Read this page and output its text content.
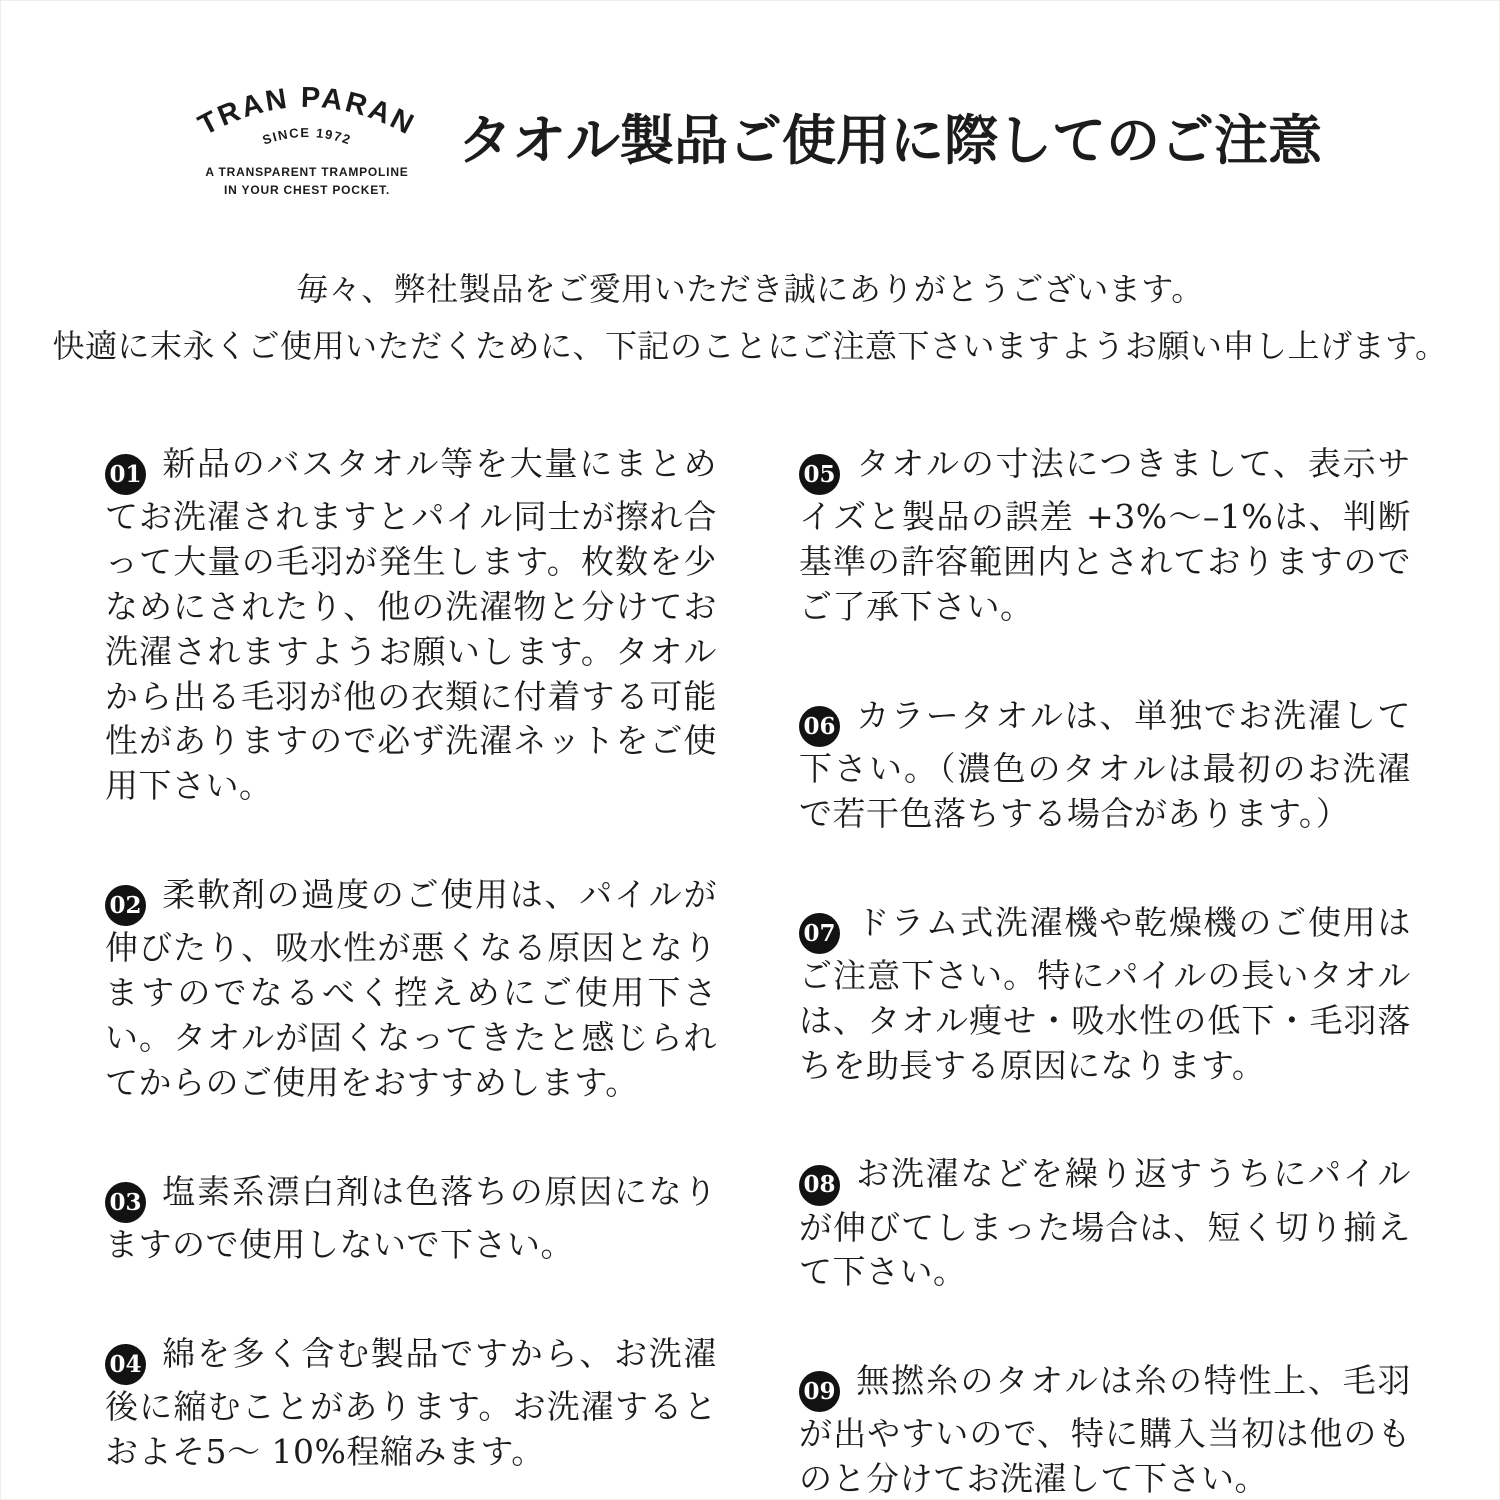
TRAN PARAN
SINCE 1972
A TRANSPARENT TRAMPOLINE
IN YOUR CHEST POCKET.
タオル製品ご使用に際してのご注意
毎々、弊社製品をご愛用いただき誠にありがとうございます。
快適に末永くご使用いただくために、下記のことにご注意下さいますようお願い申し上げます。

01 新品のバスタオル等を大量にまとめてお洗濯されますとパイル同士が擦れ合って大量の毛羽が発生します。枚数を少なめにされたり、他の洗濯物と分けてお洗濯されますようお願いします。タオルから出る毛羽が他の衣類に付着する可能性がありますので必ず洗濯ネットをご使用下さい。

02 柔軟剤の過度のご使用は、パイルが伸びたり、吸水性が悪くなる原因となりますのでなるべく控えめにご使用下さい。タオルが固くなってきたと感じられてからのご使用をおすすめします。

03 塩素系漂白剤は色落ちの原因になりますので使用しないで下さい。

04 綿を多く含む製品ですから、お洗濯後に縮むことがあります。お洗濯するとおよそ5～ 10%程縮みます。

05 タオルの寸法につきまして、表示サイズと製品の誤差 +3%～–1%は、判断基準の許容範囲内とされておりますのでご了承下さい。

06 カラータオルは、単独でお洗濯して下さい。（濃色のタオルは最初のお洗濯で若干色落ちする場合があります。）

07 ドラム式洗濯機や乾燥機のご使用はご注意下さい。特にパイルの長いタオルは、タオル痩せ・吸水性の低下・毛羽落ちを助長する原因になります。

08 お洗濯などを繰り返すうちにパイルが伸びてしまった場合は、短く切り揃えて下さい。

09 無撚糸のタオルは糸の特性上、毛羽が出やすいので、特に購入当初は他のものと分けてお洗濯して下さい。
